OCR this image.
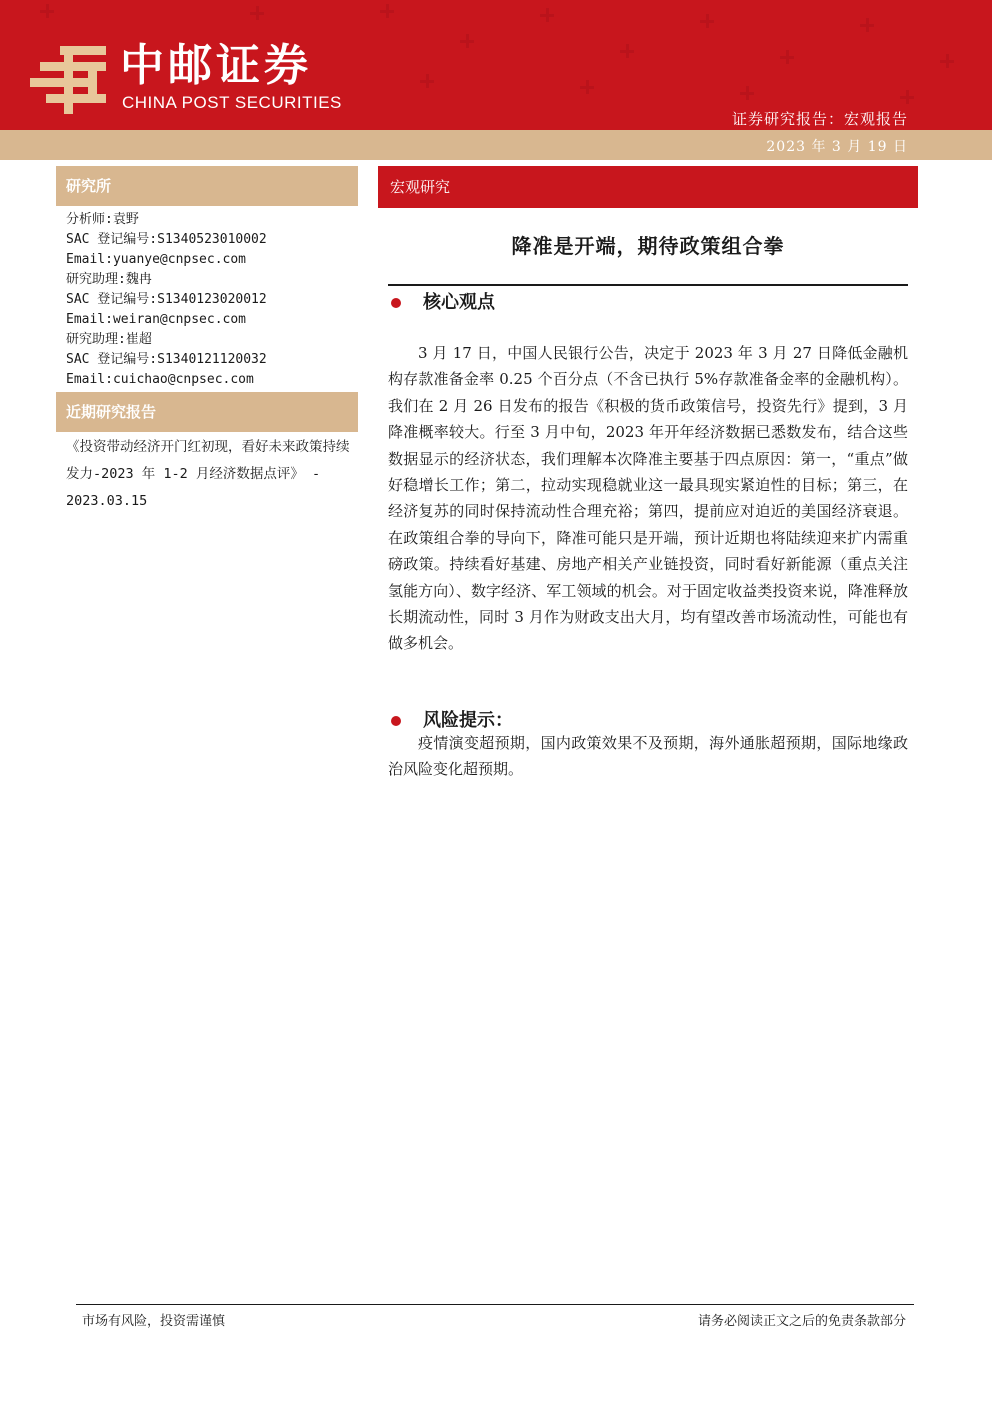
中邮证券
CHINA POST SECURITIES
证券研究报告：宏观报告
2023 年 3 月 19 日
研究所
分析师:袁野
SAC 登记编号:S1340523010002
Email:yuanye@cnpsec.com
研究助理:魏冉
SAC 登记编号:S1340123020012
Email:weiran@cnpsec.com
研究助理:崔超
SAC 登记编号:S1340121120032
Email:cuichao@cnpsec.com
近期研究报告
《投资带动经济开门红初现，看好未来政策持续发力-2023 年 1-2 月经济数据点评》 - 2023.03.15
宏观研究
降准是开端，期待政策组合拳
核心观点

3 月 17 日，中国人民银行公告，决定于 2023 年 3 月 27 日降低金融机构存款准备金率 0.25 个百分点（不含已执行 5%存款准备金率的金融机构）。我们在 2 月 26 日发布的报告《积极的货币政策信号，投资先行》提到，3 月降准概率较大。行至 3 月中旬，2023 年开年经济数据已悉数发布，结合这些数据显示的经济状态，我们理解本次降准主要基于四点原因：第一，“重点”做好稳增长工作；第二，拉动实现稳就业这一最具现实紧迫性的目标；第三，在经济复苏的同时保持流动性合理充裕；第四，提前应对迫近的美国经济衰退。在政策组合拳的导向下，降准可能只是开端，预计近期也将陆续迎来扩内需重磅政策。持续看好基建、房地产相关产业链投资，同时看好新能源（重点关注氢能方向）、数字经济、军工领域的机会。对于固定收益类投资来说，降准释放长期流动性，同时 3 月作为财政支出大月，均有望改善市场流动性，可能也有做多机会。

风险提示：

疫情演变超预期，国内政策效果不及预期，海外通胀超预期，国际地缘政治风险变化超预期。

市场有风险，投资需谨慎	请务必阅读正文之后的免责条款部分
